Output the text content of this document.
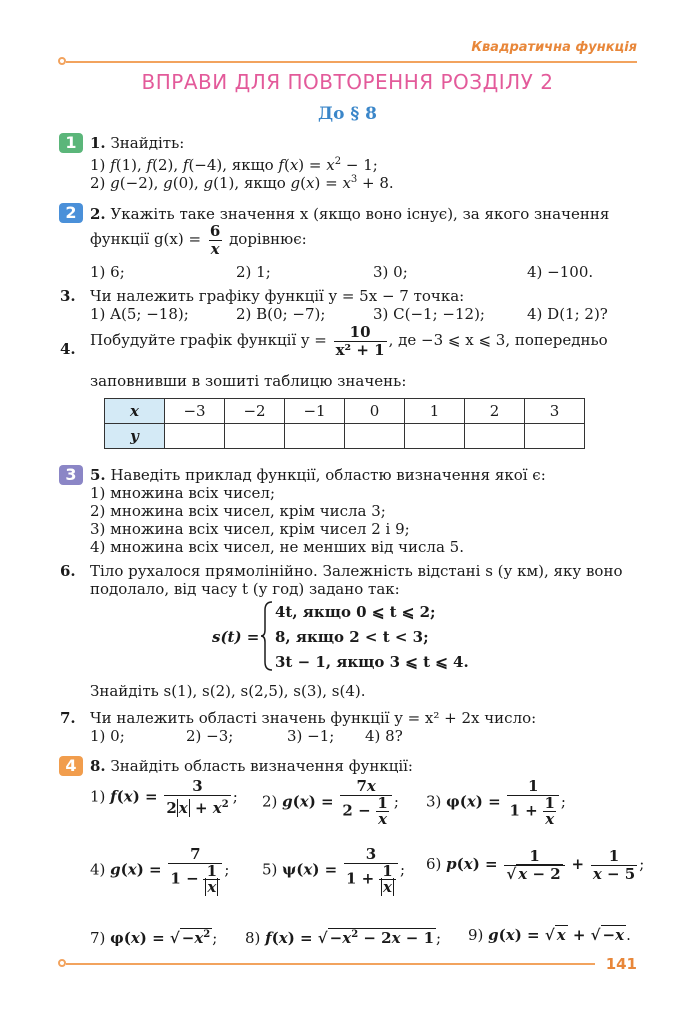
Квадратична функція
ВПРАВИ ДЛЯ ПОВТОРЕННЯ РОЗДІЛУ 2
До § 8
1
2
3
4
1. Знайдіть:
1) f(1), f(2), f(−4), якщо $f(x) = x^2 - 1$;
2) g(−2), g(0), g(1), якщо $g(x) = x^3 + 8$.
2. Укажіть таке значення x (якщо воно існує), за якого значення
функції $g(x) = \frac{6}{x}$ дорівнює:
1) 6;	2) 1;	3) 0;	4) −100.
3. Чи належить графіку функції y = 5x − 7 точка:
1) A(5; −18);	2) B(0; −7);	3) C(−1; −12);	4) D(1; 2)?
4. Побудуйте графік функції $y = \frac{10}{\text{x² + 1}}$ , де −3 ⩽ x ⩽ 3, попередньо
заповнивши в зошиті таблицю значень:
x	−3	−2	−1	0	1	2	3
y							
5. Наведіть приклад функції, областю визначення якої є:
1) множина всіх чисел;
2) множина всіх чисел, крім числа 3;
3) множина всіх чисел, крім чисел 2 і 9;
4) множина всіх чисел, не менших від числа 5.
6. Тіло рухалося прямолінійно. Залежність відстані s (у км), яку воно
подолало, від часу t (у год) задано так:
s(t) =
4t, якщо 0 ⩽ t ⩽ 2;
8, якщо 2 < t < 3;
3t − 1, якщо 3 ⩽ t ⩽ 4.
Знайдіть s(1), s(2), s(2,5), s(3), s(4).
7. Чи належить області значень функції y = x² + 2x число:
1) 0;	2) −3;	3) −1; 4) 8?
8. Знайдіть область визначення функції:
1) $f(x) = \frac{3}{2 x + x^2}$ ; 2) $g(x) = \frac{7x}{2 - \frac{1}{x}}$ ; 3) $\varphi(x) = \frac{1}{1 + \frac{1}{x}}$ ;
4) $g(x) = \frac{7}{1 - \frac{1}{x}}$ ; 5) $\psi(x) = \frac{3}{1 + \frac{1}{x}}$ ; 6) $p(x) = \frac{1}{√ x - 2} + \frac{1}{x - 5}$ ;
7) φ(x) = √ $-x^2$ ; 8) f(x) = √ $-x^2 - 2x - 1$ ; 9) g(x) = √ x + √ −x .
141
